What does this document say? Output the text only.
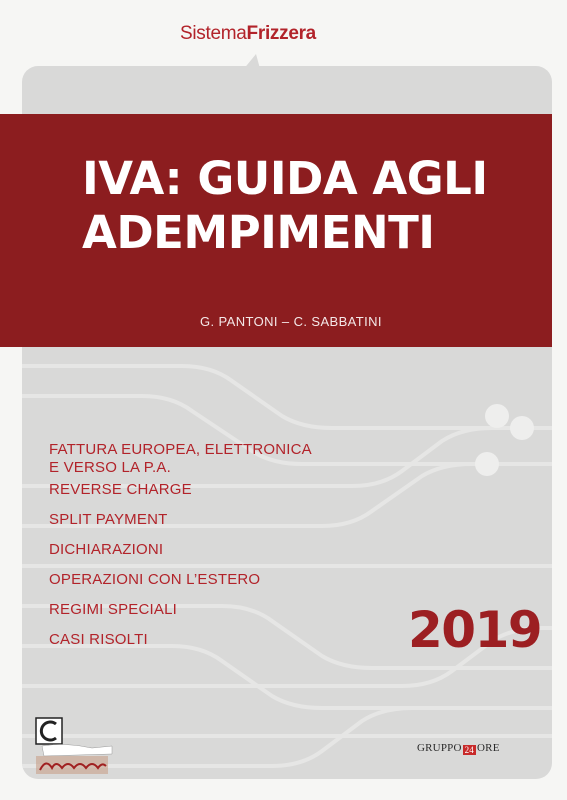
SistemaFrizzera
IVA: GUIDA AGLI
ADEMPIMENTI
G. PANTONI – C. SABBATINI
FATTURA EUROPEA, ELETTRONICA
E VERSO LA P.A.
REVERSE CHARGE
SPLIT PAYMENT
DICHIARAZIONI
OPERAZIONI CON L’ESTERO
REGIMI SPECIALI
CASI RISOLTI	2019
GRUPPO 24 ORE
